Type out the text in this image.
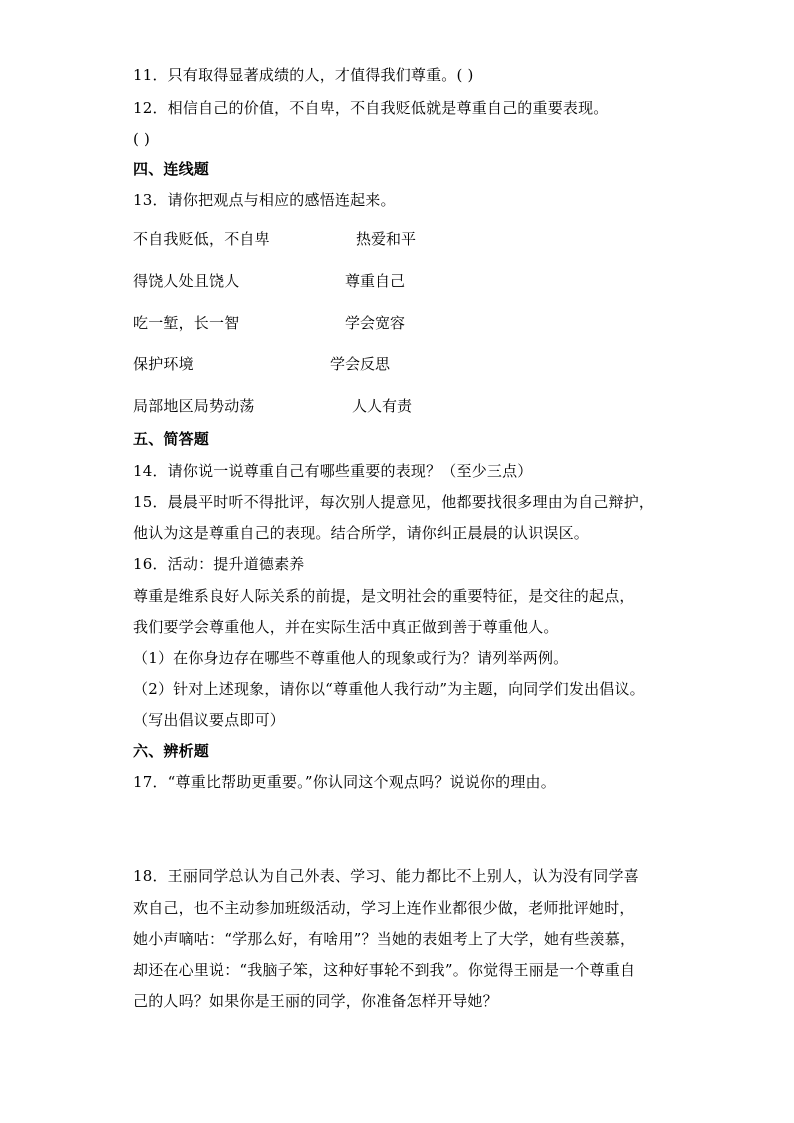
11．只有取得显著成绩的人，才值得我们尊重。( )
12．相信自己的价值，不自卑，不自我贬低就是尊重自己的重要表现。
( )
四、连线题
13．请你把观点与相应的感悟连起来。
不自我贬低，不自卑	热爱和平
得饶人处且饶人	尊重自己
吃一堑，长一智	学会宽容
保护环境	学会反思
局部地区局势动荡	人人有责
五、简答题
14．请你说一说尊重自己有哪些重要的表现？（至少三点）
15．晨晨平时听不得批评，每次别人提意见，他都要找很多理由为自己辩护，
他认为这是尊重自己的表现。结合所学，请你纠正晨晨的认识误区。
16．活动：提升道德素养
尊重是维系良好人际关系的前提，是文明社会的重要特征，是交往的起点，
我们要学会尊重他人，并在实际生活中真正做到善于尊重他人。
（1）在你身边存在哪些不尊重他人的现象或行为？请列举两例。
（2）针对上述现象，请你以“尊重他人我行动”为主题，向同学们发出倡议。
（写出倡议要点即可）
六、辨析题
17．“尊重比帮助更重要。”你认同这个观点吗？说说你的理由。
18．王丽同学总认为自己外表、学习、能力都比不上别人，认为没有同学喜
欢自己，也不主动参加班级活动，学习上连作业都很少做，老师批评她时，
她小声嘀咕：“学那么好，有啥用”？当她的表姐考上了大学，她有些羡慕，
却还在心里说：“我脑子笨，这种好事轮不到我”。你觉得王丽是一个尊重自
己的人吗？如果你是王丽的同学，你准备怎样开导她？
